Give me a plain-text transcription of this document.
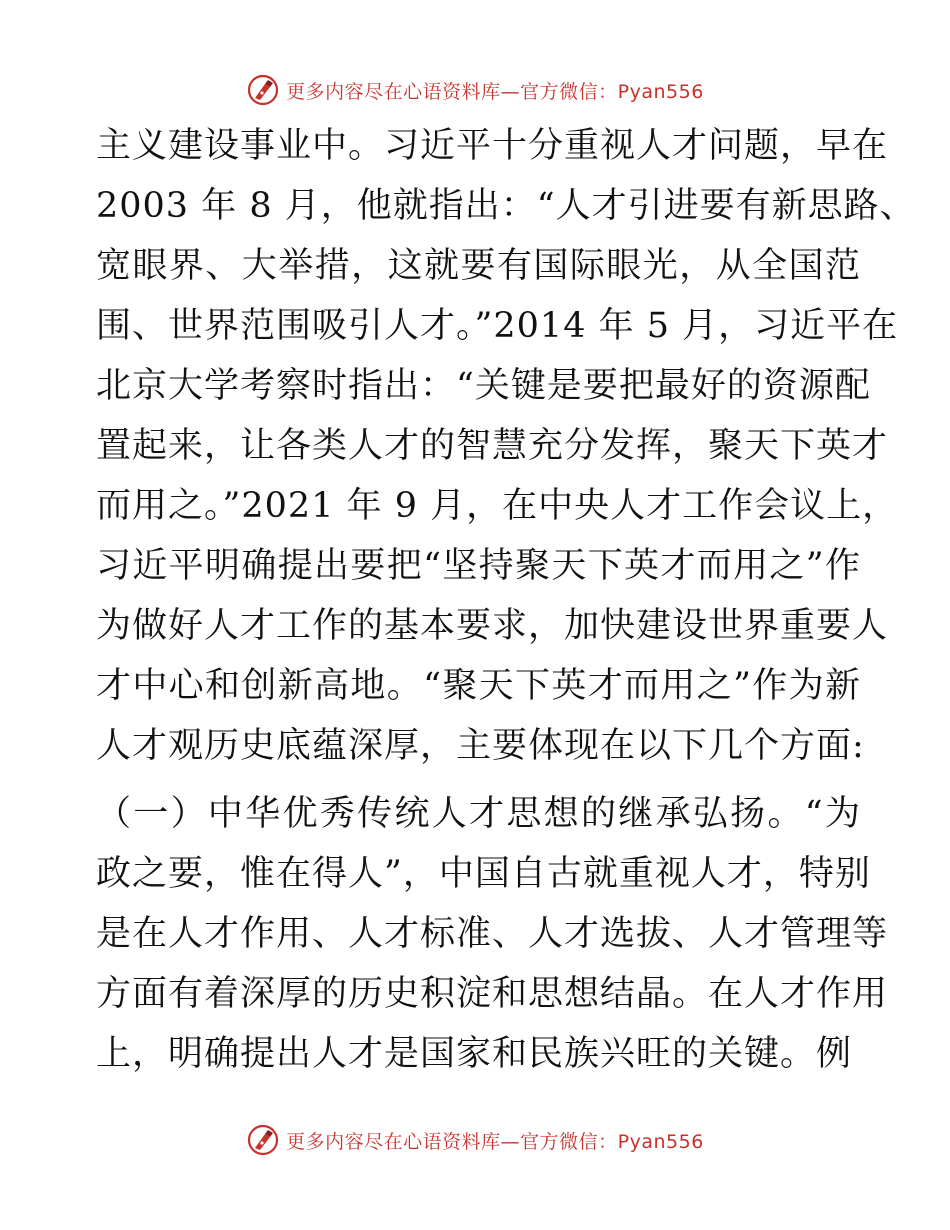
更多内容尽在心语资料库—官方微信：Pyan556
主义建设事业中。习近平十分重视人才问题，早在
2003 年 8 月，他就指出：“人才引进要有新思路、
宽眼界、大举措，这就要有国际眼光，从全国范
围、世界范围吸引人才。”2014 年 5 月，习近平在
北京大学考察时指出：“关键是要把最好的资源配
置起来，让各类人才的智慧充分发挥，聚天下英才
而用之。”2021 年 9 月，在中央人才工作会议上，
习近平明确提出要把“坚持聚天下英才而用之”作
为做好人才工作的基本要求，加快建设世界重要人
才中心和创新高地。“聚天下英才而用之”作为新
人才观历史底蕴深厚，主要体现在以下几个方面:
（一）中华优秀传统人才思想的继承弘扬。“为
政之要，惟在得人”，中国自古就重视人才，特别
是在人才作用、人才标准、人才选拔、人才管理等
方面有着深厚的历史积淀和思想结晶。在人才作用
上，明确提出人才是国家和民族兴旺的关键。例
更多内容尽在心语资料库—官方微信：Pyan556
